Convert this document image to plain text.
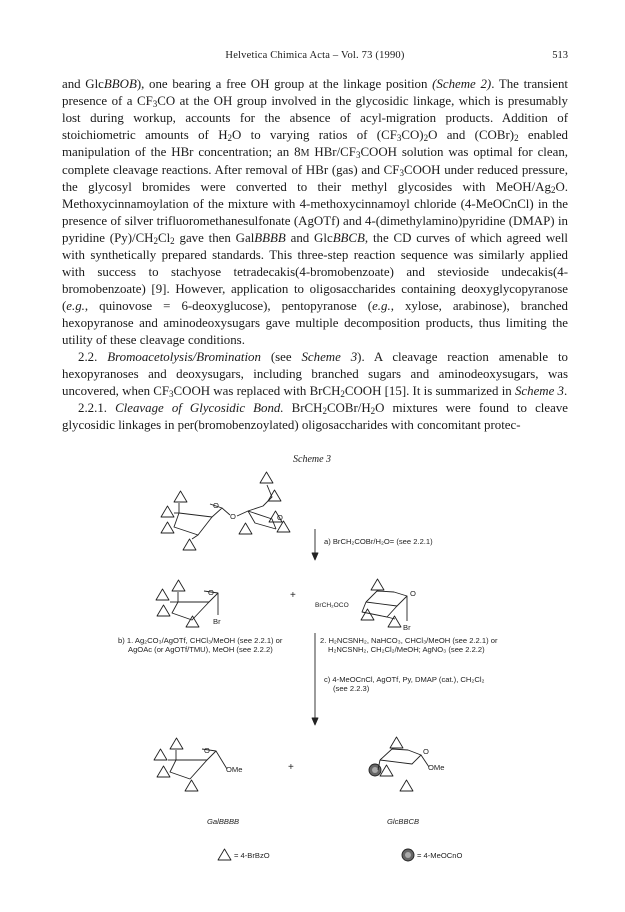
Helvetica Chimica Acta – Vol. 73 (1990)	513

and GlcBBOB), one bearing a free OH group at the linkage position (Scheme 2). The transient presence of a $CF_3CO$ at the OH group involved in the glycosidic linkage, which is presumably lost during workup, accounts for the absence of acyl-migration products. Addition of stoichiometric amounts of $H_2O$ to varying ratios of $(CF_3CO)_2O$ and $(COBr)_2$ enabled manipulation of the HBr concentration; an 8M HBr/$CF_3COOH$ solution was optimal for clean, complete cleavage reactions. After removal of HBr (gas) and $CF_3COOH$ under reduced pressure, the glycosyl bromides were converted to their methyl glycosides with MeOH/$Ag_2O$. Methoxycinnamoylation of the mixture with 4-methoxycinnamoyl chloride (4-MeOCnCl) in the presence of silver trifluoromethanesulfonate (AgOTf) and 4-(dimethylamino)pyridine (DMAP) in pyridine $(Py)/CH_2Cl_2$ gave then GalBBBB and GlcBBCB, the CD curves of which agreed well with synthetically prepared standards. This three-step reaction sequence was similarly applied with success to stachyose tetradecakis(4-bromobenzoate) and stevioside undecakis(4-bromobenzoate) [9]. However, application to oligosaccharides containing deoxyglycopyranose (e.g., quinovose = 6-deoxyglucose), pentopyranose (e.g., xylose, arabinose), branched hexopyranose and aminodeoxysugars gave multiple decomposition products, thus limiting the utility of these cleavage conditions.

2.2. Bromoacetolysis/Bromination (see Scheme 3). A cleavage reaction amenable to hexopyranoses and deoxysugars, including branched sugars and aminodeoxysugars, was uncovered, when $CF_3COOH$ was replaced with BrCH$_2$COOH [15]. It is summarized in Scheme 3.

2.2.1. Cleavage of Glycosidic Bond. $BrCH_2COBr/H_2O$ mixtures were found to cleave glycosidic linkages in per(bromobenzoylated) oligosaccharides with concomitant protec-

Scheme 3
O
O	O
a) BrCH₂COBr/H₂O= (see 2.2.1)
O
Br
+
BrCH₂OCO
O
Br
b) 1. Ag₂CO₃/AgOTf, CHCl₃/MeOH (see 2.2.1) or
AgOAc (or AgOTf/TMU), MeOH (see 2.2.2)
2. H₂NCSNH₂, NaHCO₃, CHCl₃/MeOH (see 2.2.1) or
H₂NCSNH₂, CH₂Cl₂/MeOH; AgNO₃ (see 2.2.2)
c) 4-MeOCnCl, AgOTf, Py, DMAP (cat.), CH₂Cl₂
(see 2.2.3)
O
OMe	+
O
OMe
GalBBBB	GlcBBCB
= 4-BrBzO	= 4-MeOCnO
